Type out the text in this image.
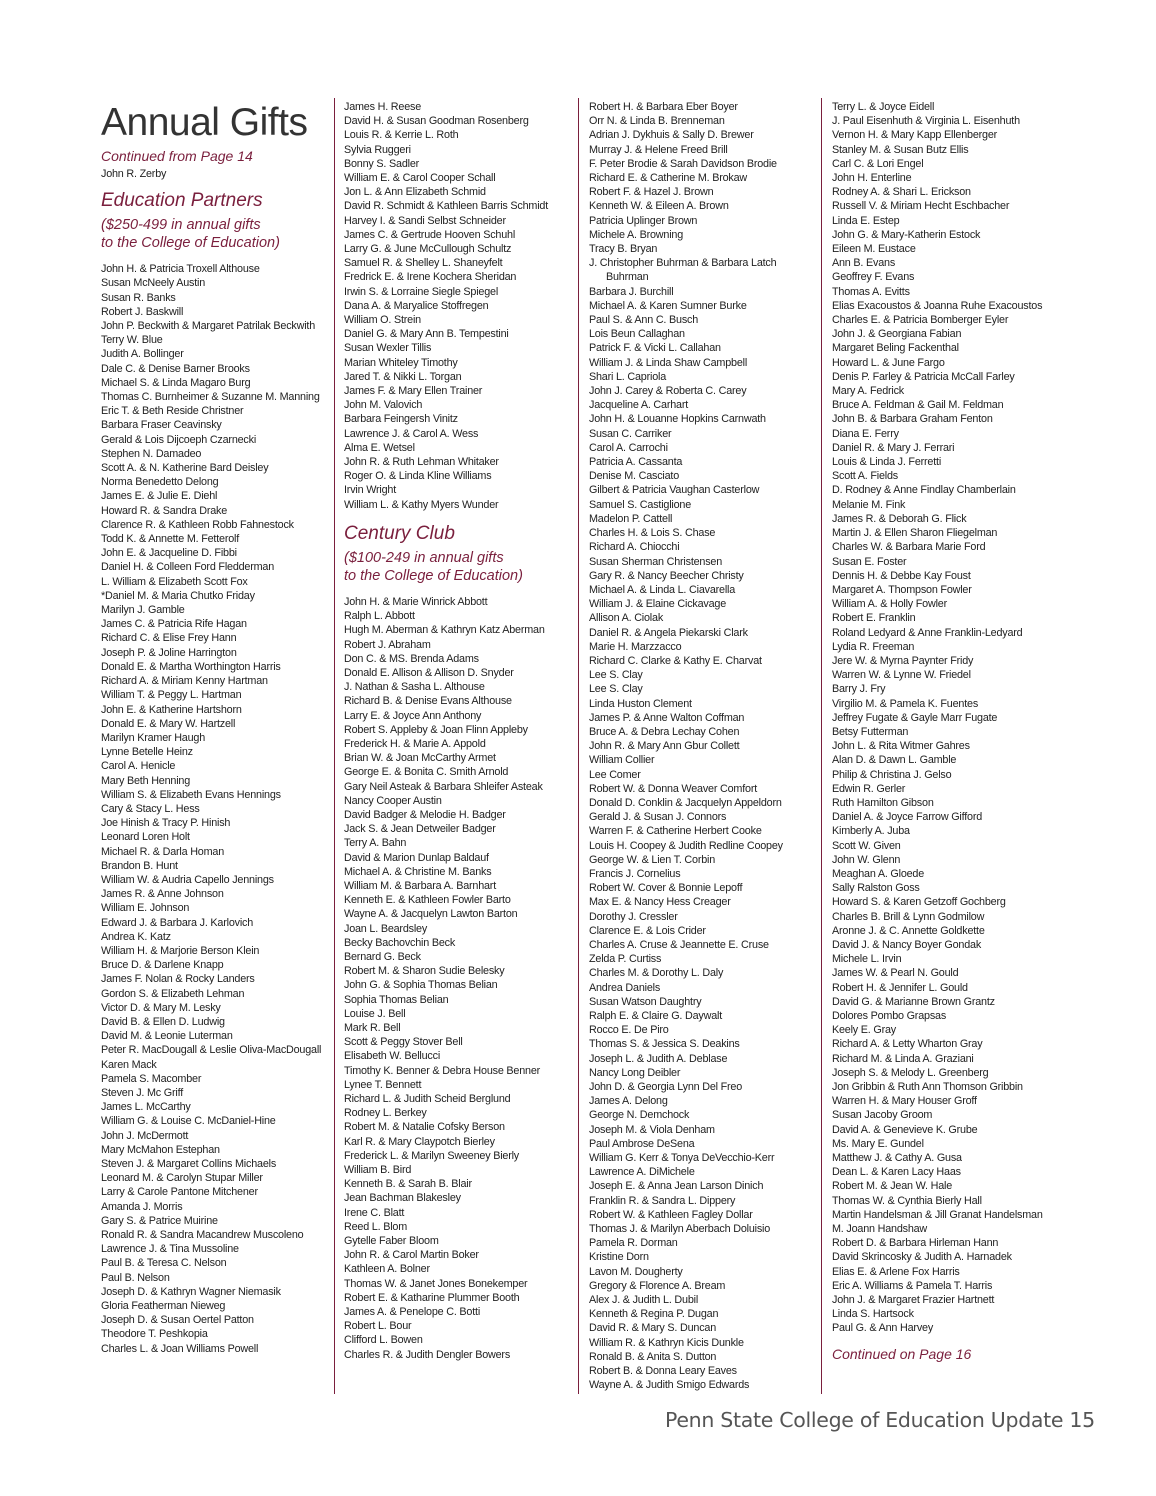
Annual Gifts
Continued from Page 14
John R. Zerby
Education Partners
($250-499 in annual gifts
to the College of Education)
John H. & Patricia Troxell Althouse
Susan McNeely Austin
Susan R. Banks
Robert J. Baskwill
John P. Beckwith & Margaret Patrilak Beckwith
Terry W. Blue
Judith A. Bollinger
Dale C. & Denise Barner Brooks
Michael S. & Linda Magaro Burg
Thomas C. Burnheimer & Suzanne M. Manning
Eric T. & Beth Reside Christner
Barbara Fraser Ceavinsky
Gerald & Lois Dijcoeph Czarnecki
Stephen N. Damadeo
Scott A. & N. Katherine Bard Deisley
Norma Benedetto Delong
James E. & Julie E. Diehl
Howard R. & Sandra Drake
Clarence R. & Kathleen Robb Fahnestock
Todd K. & Annette M. Fetterolf
John E. & Jacqueline D. Fibbi
Daniel H. & Colleen Ford Fledderman
L. William & Elizabeth Scott Fox
*Daniel M. & Maria Chutko Friday
Marilyn J. Gamble
James C. & Patricia Rife Hagan
Richard C. & Elise Frey Hann
Joseph P. & Joline Harrington
Donald E. & Martha Worthington Harris
Richard A. & Miriam Kenny Hartman
William T. & Peggy L. Hartman
John E. & Katherine Hartshorn
Donald E. & Mary W. Hartzell
Marilyn Kramer Haugh
Lynne Betelle Heinz
Carol A. Henicle
Mary Beth Henning
William S. & Elizabeth Evans Hennings
Cary & Stacy L. Hess
Joe Hinish & Tracy P. Hinish
Leonard Loren Holt
Michael R. & Darla Homan
Brandon B. Hunt
William W. & Audria Capello Jennings
James R. & Anne Johnson
William E. Johnson
Edward J. & Barbara J. Karlovich
Andrea K. Katz
William H. & Marjorie Berson Klein
Bruce D. & Darlene Knapp
James F. Nolan & Rocky Landers
Gordon S. & Elizabeth Lehman
Victor D. & Mary M. Lesky
David B. & Ellen D. Ludwig
David M. & Leonie Luterman
Peter R. MacDougall & Leslie Oliva-MacDougall
Karen Mack
Pamela S. Macomber
Steven J. Mc Griff
James L. McCarthy
William G. & Louise C. McDaniel-Hine
John J. McDermott
Mary McMahon Estephan
Steven J. & Margaret Collins Michaels
Leonard M. & Carolyn Stupar Miller
Larry & Carole Pantone Mitchener
Amanda J. Morris
Gary S. & Patrice Muirine
Ronald R. & Sandra Macandrew Muscoleno
Lawrence J. & Tina Mussoline
Paul B. & Teresa C. Nelson
Paul B. Nelson
Joseph D. & Kathryn Wagner Niemasik
Gloria Featherman Nieweg
Joseph D. & Susan Oertel Patton
Theodore T. Peshkopia
Charles L. & Joan Williams Powell
James H. Reese
David H. & Susan Goodman Rosenberg
Louis R. & Kerrie L. Roth
Sylvia Ruggeri
Bonny S. Sadler
William E. & Carol Cooper Schall
Jon L. & Ann Elizabeth Schmid
David R. Schmidt & Kathleen Barris Schmidt
Harvey I. & Sandi Selbst Schneider
James C. & Gertrude Hooven Schuhl
Larry G. & June McCullough Schultz
Samuel R. & Shelley L. Shaneyfelt
Fredrick E. & Irene Kochera Sheridan
Irwin S. & Lorraine Siegle Spiegel
Dana A. & Maryalice Stoffregen
William O. Strein
Daniel G. & Mary Ann B. Tempestini
Susan Wexler Tillis
Marian Whiteley Timothy
Jared T. & Nikki L. Torgan
James F. & Mary Ellen Trainer
John M. Valovich
Barbara Feingersh Vinitz
Lawrence J. & Carol A. Wess
Alma E. Wetsel
John R. & Ruth Lehman Whitaker
Roger O. & Linda Kline Williams
Irvin Wright
William L. & Kathy Myers Wunder
Century Club
($100-249 in annual gifts
to the College of Education)
John H. & Marie Winrick Abbott
Ralph L. Abbott
Hugh M. Aberman & Kathryn Katz Aberman
Robert J. Abraham
Don C. & MS. Brenda Adams
Donald E. Allison & Allison D. Snyder
J. Nathan & Sasha L. Althouse
Richard B. & Denise Evans Althouse
Larry E. & Joyce Ann Anthony
Robert S. Appleby & Joan Flinn Appleby
Frederick H. & Marie A. Appold
Brian W. & Joan McCarthy Armet
George E. & Bonita C. Smith Arnold
Gary Neil Asteak & Barbara Shleifer Asteak
Nancy Cooper Austin
David Badger & Melodie H. Badger
Jack S. & Jean Detweiler Badger
Terry A. Bahn
David & Marion Dunlap Baldauf
Michael A. & Christine M. Banks
William M. & Barbara A. Barnhart
Kenneth E. & Kathleen Fowler Barto
Wayne A. & Jacquelyn Lawton Barton
Joan L. Beardsley
Becky Bachovchin Beck
Bernard G. Beck
Robert M. & Sharon Sudie Belesky
John G. & Sophia Thomas Belian
Sophia Thomas Belian
Louise J. Bell
Mark R. Bell
Scott & Peggy Stover Bell
Elisabeth W. Bellucci
Timothy K. Benner & Debra House Benner
Lynee T. Bennett
Richard L. & Judith Scheid Berglund
Rodney L. Berkey
Robert M. & Natalie Cofsky Berson
Karl R. & Mary Claypotch Bierley
Frederick L. & Marilyn Sweeney Bierly
William B. Bird
Kenneth B. & Sarah B. Blair
Jean Bachman Blakesley
Irene C. Blatt
Reed L. Blom
Gytelle Faber Bloom
John R. & Carol Martin Boker
Kathleen A. Bolner
Thomas W. & Janet Jones Bonekemper
Robert E. & Katharine Plummer Booth
James A. & Penelope C. Botti
Robert L. Bour
Clifford L. Bowen
Charles R. & Judith Dengler Bowers
Robert H. & Barbara Eber Boyer
Orr N. & Linda B. Brenneman
Adrian J. Dykhuis & Sally D. Brewer
Murray J. & Helene Freed Brill
F. Peter Brodie & Sarah Davidson Brodie
Richard E. & Catherine M. Brokaw
Robert F. & Hazel J. Brown
Kenneth W. & Eileen A. Brown
Patricia Uplinger Brown
Michele A. Browning
Tracy B. Bryan
J. Christopher Buhrman & Barbara Latch Buhrman
Barbara J. Burchill
Michael A. & Karen Sumner Burke
Paul S. & Ann C. Busch
Lois Beun Callaghan
Patrick F. & Vicki L. Callahan
William J. & Linda Shaw Campbell
Shari L. Capriola
John J. Carey & Roberta C. Carey
Jacqueline A. Carhart
John H. & Louanne Hopkins Carnwath
Susan C. Carriker
Carol A. Carrochi
Patricia A. Cassanta
Denise M. Casciato
Gilbert & Patricia Vaughan Casterlow
Samuel S. Castiglione
Madelon P. Cattell
Charles H. & Lois S. Chase
Richard A. Chiocchi
Susan Sherman Christensen
Gary R. & Nancy Beecher Christy
Michael A. & Linda L. Ciavarella
William J. & Elaine Cickavage
Allison A. Ciolak
Daniel R. & Angela Piekarski Clark
Marie H. Marzzacco
Richard C. Clarke & Kathy E. Charvat
Lee S. Clay
Lee S. Clay
Linda Huston Clement
James P. & Anne Walton Coffman
Bruce A. & Debra Lechay Cohen
John R. & Mary Ann Gbur Collett
William Collier
Lee Comer
Robert W. & Donna Weaver Comfort
Donald D. Conklin & Jacquelyn Appeldorn
Gerald J. & Susan J. Connors
Warren F. & Catherine Herbert Cooke
Louis H. Coopey & Judith Redline Coopey
George W. & Lien T. Corbin
Francis J. Cornelius
Robert W. Cover & Bonnie Lepoff
Max E. & Nancy Hess Creager
Dorothy J. Cressler
Clarence E. & Lois Crider
Charles A. Cruse & Jeannette E. Cruse
Zelda P. Curtiss
Charles M. & Dorothy L. Daly
Andrea Daniels
Susan Watson Daughtry
Ralph E. & Claire G. Daywalt
Rocco E. De Piro
Thomas S. & Jessica S. Deakins
Joseph L. & Judith A. Deblase
Nancy Long Deibler
John D. & Georgia Lynn Del Freo
James A. Delong
George N. Demchock
Joseph M. & Viola Denham
Paul Ambrose DeSena
William G. Kerr & Tonya DeVecchio-Kerr
Lawrence A. DiMichele
Joseph E. & Anna Jean Larson Dinich
Franklin R. & Sandra L. Dippery
Robert W. & Kathleen Fagley Dollar
Thomas J. & Marilyn Aberbach Doluisio
Pamela R. Dorman
Kristine Dorn
Lavon M. Dougherty
Gregory & Florence A. Bream
Alex J. & Judith L. Dubil
Kenneth & Regina P. Dugan
David R. & Mary S. Duncan
William R. & Kathryn Kicis Dunkle
Ronald B. & Anita S. Dutton
Robert B. & Donna Leary Eaves
Wayne A. & Judith Smigo Edwards
Terry L. & Joyce Eidell
J. Paul Eisenhuth & Virginia L. Eisenhuth
Vernon H. & Mary Kapp Ellenberger
Stanley M. & Susan Butz Ellis
Carl C. & Lori Engel
John H. Enterline
Rodney A. & Shari L. Erickson
Russell V. & Miriam Hecht Eschbacher
Linda E. Estep
John G. & Mary-Katherin Estock
Eileen M. Eustace
Ann B. Evans
Geoffrey F. Evans
Thomas A. Evitts
Elias Exacoustos & Joanna Ruhe Exacoustos
Charles E. & Patricia Bomberger Eyler
John J. & Georgiana Fabian
Margaret Beling Fackenthal
Howard L. & June Fargo
Denis P. Farley & Patricia McCall Farley
Mary A. Fedrick
Bruce A. Feldman & Gail M. Feldman
John B. & Barbara Graham Fenton
Diana E. Ferry
Daniel R. & Mary J. Ferrari
Louis & Linda J. Ferretti
Scott A. Fields
D. Rodney & Anne Findlay Chamberlain
Melanie M. Fink
James R. & Deborah G. Flick
Martin J. & Ellen Sharon Fliegelman
Charles W. & Barbara Marie Ford
Susan E. Foster
Dennis H. & Debbe Kay Foust
Margaret A. Thompson Fowler
William A. & Holly Fowler
Robert E. Franklin
Roland Ledyard & Anne Franklin-Ledyard
Lydia R. Freeman
Jere W. & Myrna Paynter Fridy
Warren W. & Lynne W. Friedel
Barry J. Fry
Virgilio M. & Pamela K. Fuentes
Jeffrey Fugate & Gayle Marr Fugate
Betsy Futterman
John L. & Rita Witmer Gahres
Alan D. & Dawn L. Gamble
Philip & Christina J. Gelso
Edwin R. Gerler
Ruth Hamilton Gibson
Daniel A. & Joyce Farrow Gifford
Kimberly A. Juba
Scott W. Given
John W. Glenn
Meaghan A. Gloede
Sally Ralston Goss
Howard S. & Karen Getzoff Gochberg
Charles B. Brill & Lynn Godmilow
Aronne J. & C. Annette Goldkette
David J. & Nancy Boyer Gondak
Michele L. Irvin
James W. & Pearl N. Gould
Robert H. & Jennifer L. Gould
David G. & Marianne Brown Grantz
Dolores Pombo Grapsas
Keely E. Gray
Richard A. & Letty Wharton Gray
Richard M. & Linda A. Graziani
Joseph S. & Melody L. Greenberg
Jon Gribbin & Ruth Ann Thomson Gribbin
Warren H. & Mary Houser Groff
Susan Jacoby Groom
David A. & Genevieve K. Grube
Ms. Mary E. Gundel
Matthew J. & Cathy A. Gusa
Dean L. & Karen Lacy Haas
Robert M. & Jean W. Hale
Thomas W. & Cynthia Bierly Hall
Martin Handelsman & Jill Granat Handelsman
M. Joann Handshaw
Robert D. & Barbara Hirleman Hann
David Skrincosky & Judith A. Harnadek
Elias E. & Arlene Fox Harris
Eric A. Williams & Pamela T. Harris
John J. & Margaret Frazier Hartnett
Linda S. Hartsock
Paul G. & Ann Harvey
Continued on Page 16
Penn State College of Education Update 15
